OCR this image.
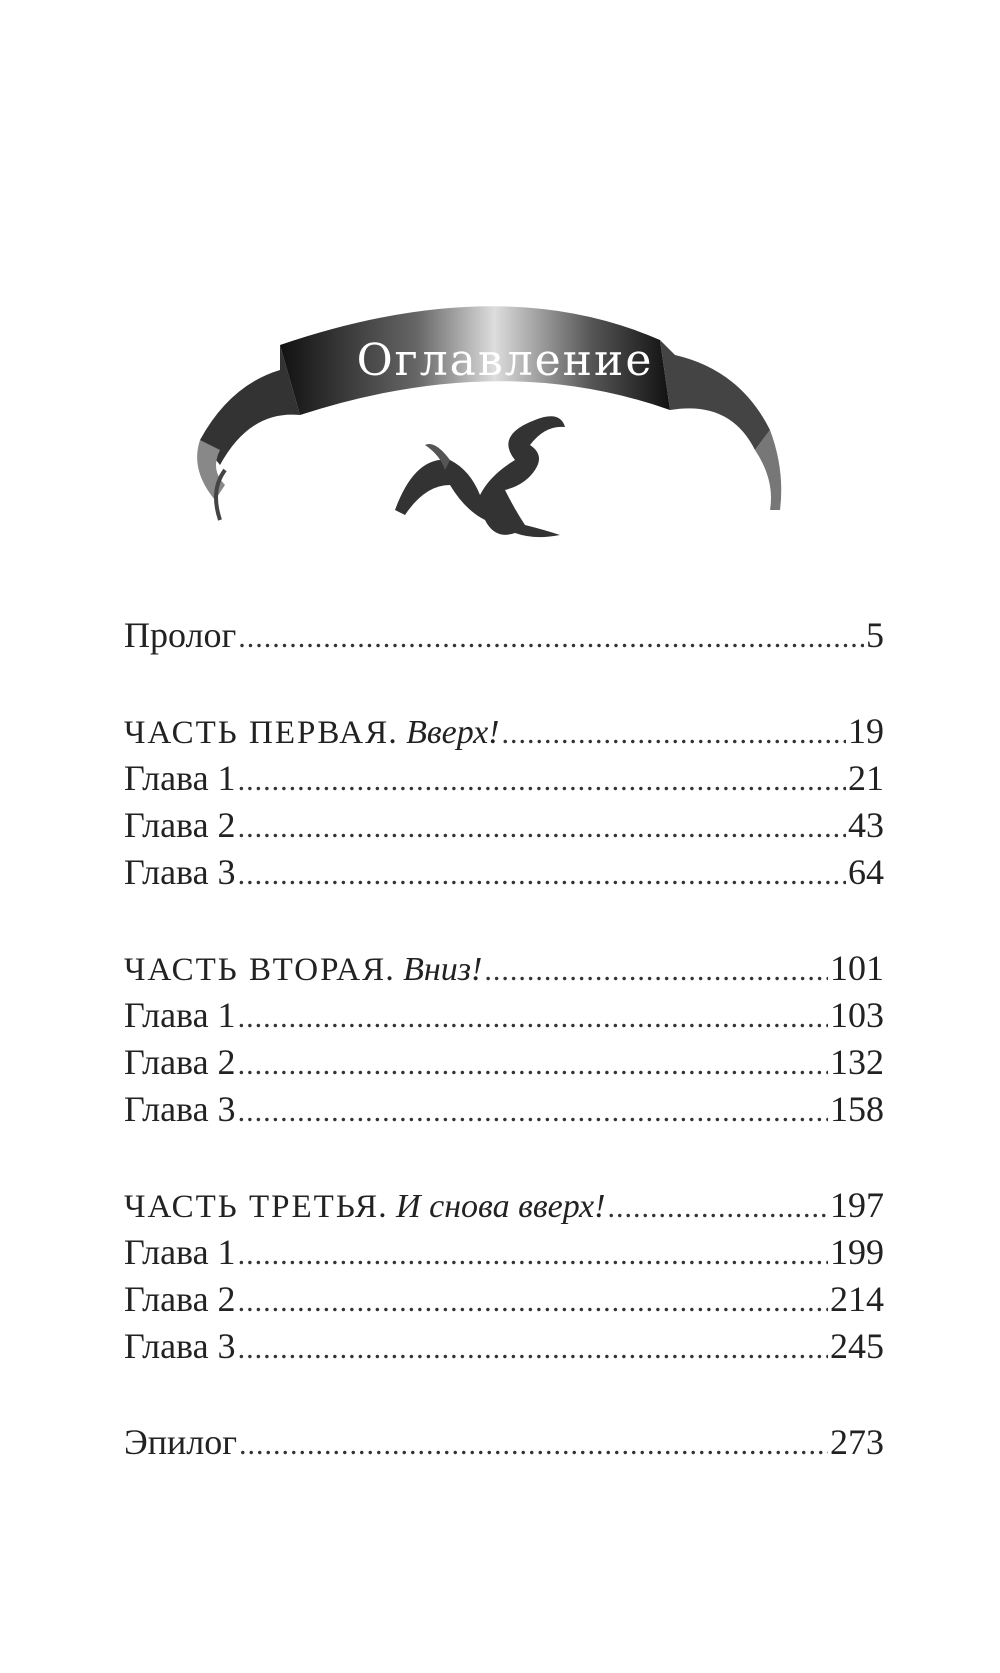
Оглавление
Пролог .....	5
ЧАСТЬ ПЕРВАЯ. Вверх! .....	19
Глава 1 .....	21
Глава 2 .....	43
Глава 3 .....	64
ЧАСТЬ ВТОРАЯ. Вниз! .....	101
Глава 1 .....	103
Глава 2 .....	132
Глава 3 .....	158
ЧАСТЬ ТРЕТЬЯ. И снова вверх! .....	197
Глава 1 .....	199
Глава 2 .....	214
Глава 3 .....	245
Эпилог .....	273
